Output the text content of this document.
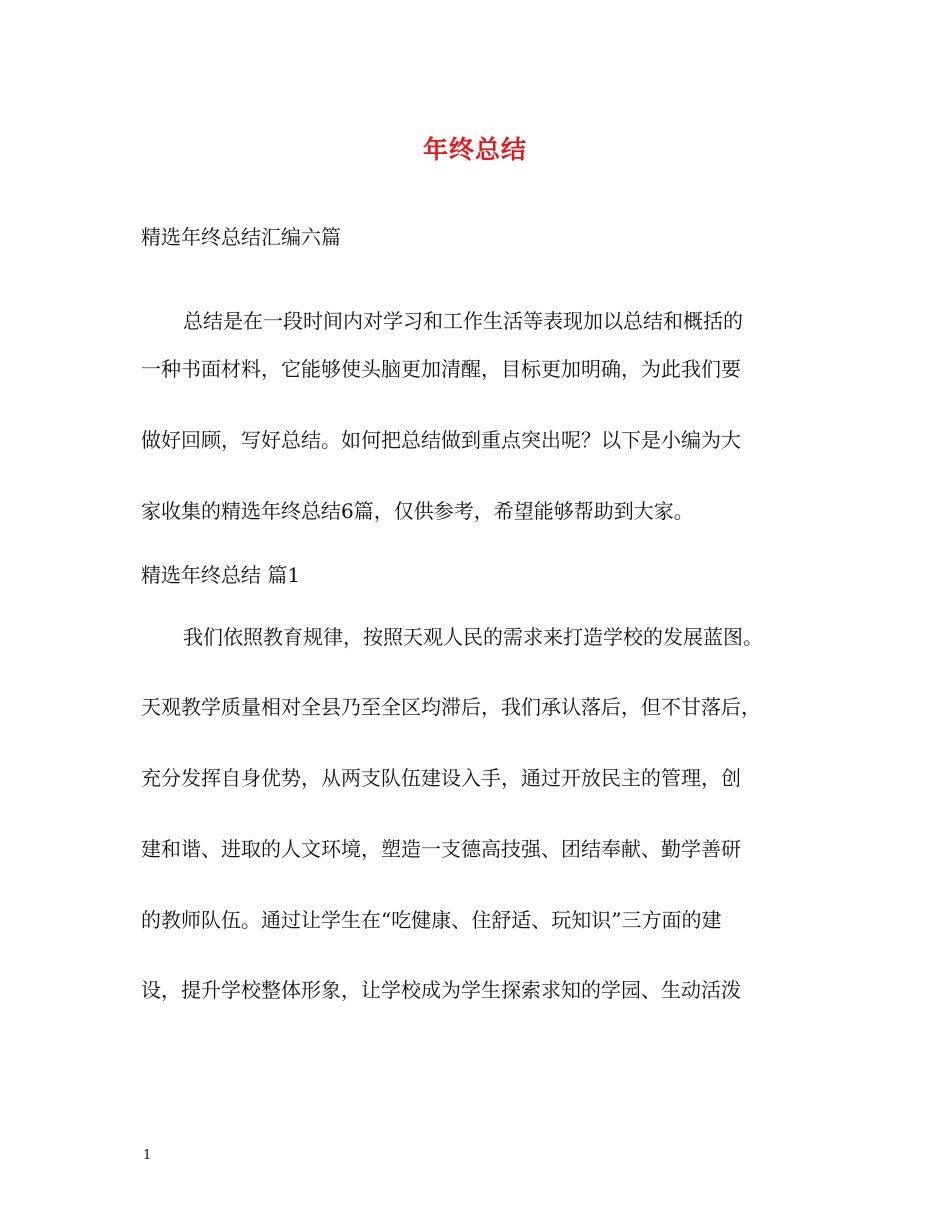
年终总结
精选年终总结汇编六篇
总结是在一段时间内对学习和工作生活等表现加以总结和概括的
一种书面材料，它能够使头脑更加清醒，目标更加明确，为此我们要
做好回顾，写好总结。如何把总结做到重点突出呢？以下是小编为大
家收集的精选年终总结6篇，仅供参考，希望能够帮助到大家。
精选年终总结 篇1
我们依照教育规律，按照天观人民的需求来打造学校的发展蓝图。
天观教学质量相对全县乃至全区均滞后，我们承认落后，但不甘落后，
充分发挥自身优势，从两支队伍建设入手，通过开放民主的管理，创
建和谐、进取的人文环境，塑造一支德高技强、团结奉献、勤学善研
的教师队伍。通过让学生在“吃健康、住舒适、玩知识”三方面的建
设，提升学校整体形象，让学校成为学生探索求知的学园、生动活泼
1
